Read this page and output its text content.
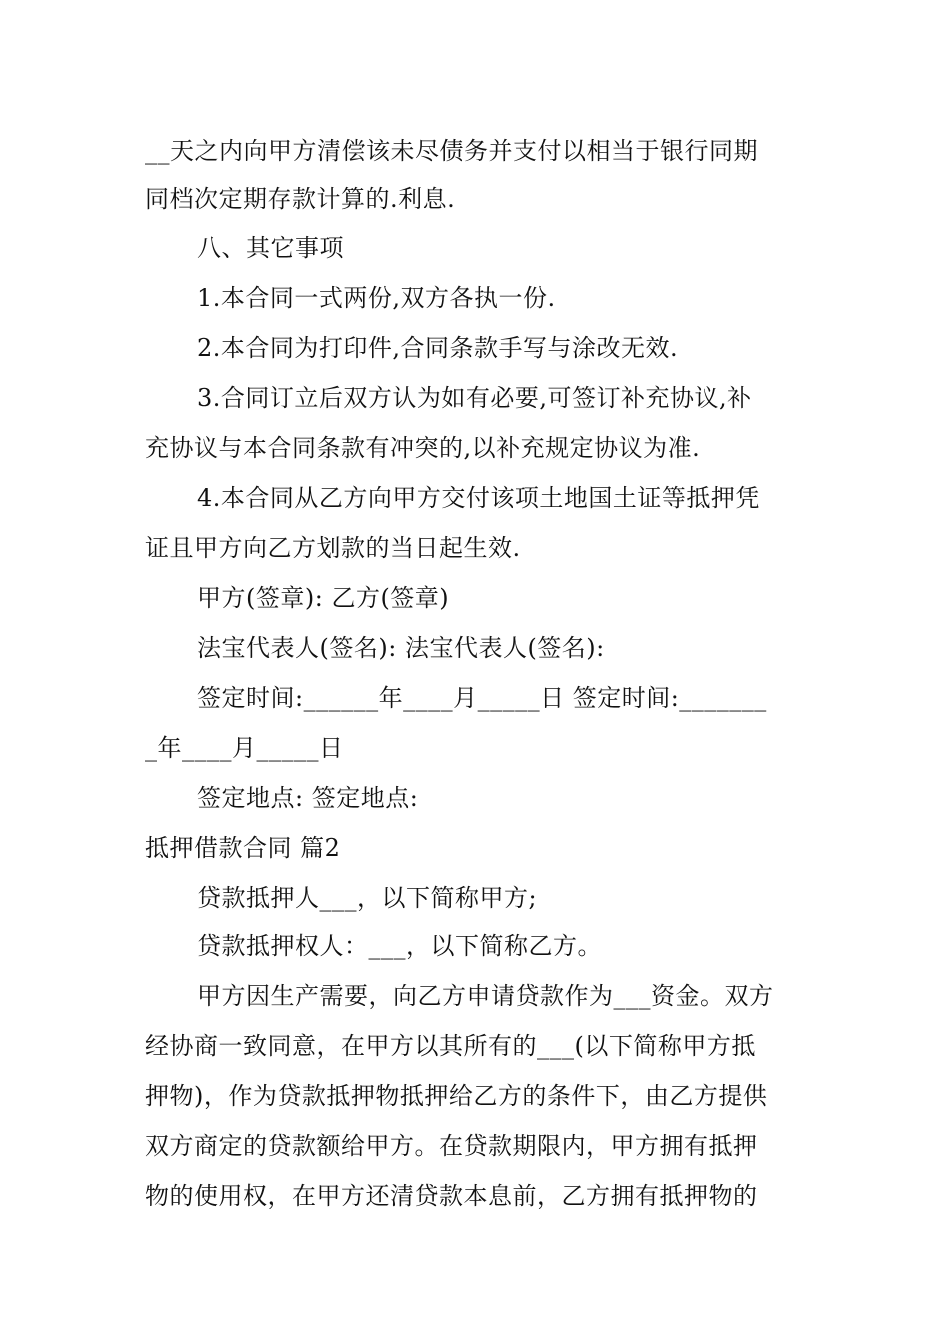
__天之内向甲方清偿该未尽债务并支付以相当于银行同期
同档次定期存款计算的.利息.
八、其它事项
1.本合同一式两份,双方各执一份.
2.本合同为打印件,合同条款手写与涂改无效.
3.合同订立后双方认为如有必要,可签订补充协议,补
充协议与本合同条款有冲突的,以补充规定协议为准.
4.本合同从乙方向甲方交付该项土地国土证等抵押凭
证且甲方向乙方划款的当日起生效.
甲方(签章): 乙方(签章)
法宝代表人(签名): 法宝代表人(签名):
签定时间:______年____月_____日 签定时间:_______
_年____月_____日
签定地点: 签定地点:
抵押借款合同 篇2
贷款抵押人___，以下简称甲方;
贷款抵押权人：___，以下简称乙方。
甲方因生产需要，向乙方申请贷款作为___资金。双方
经协商一致同意，在甲方以其所有的___(以下简称甲方抵
押物)，作为贷款抵押物抵押给乙方的条件下，由乙方提供
双方商定的贷款额给甲方。在贷款期限内，甲方拥有抵押
物的使用权，在甲方还清贷款本息前，乙方拥有抵押物的
